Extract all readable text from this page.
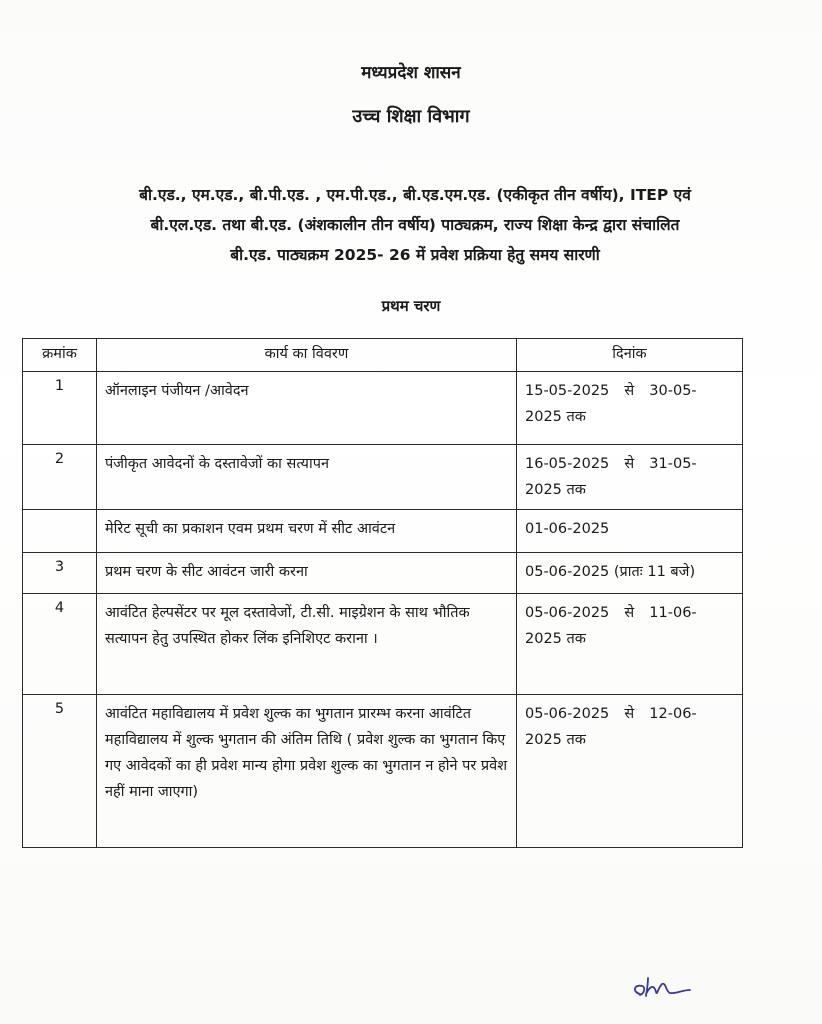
मध्यप्रदेश शासन
उच्च शिक्षा विभाग
बी.एड., एम.एड., बी.पी.एड. , एम.पी.एड., बी.एड.एम.एड. (एकीकृत तीन वर्षीय), ITEP एवं
बी.एल.एड. तथा बी.एड. (अंशकालीन तीन वर्षीय) पाठ्यक्रम, राज्य शिक्षा केन्द्र द्वारा संचालित
बी.एड. पाठ्यक्रम 2025- 26 में प्रवेश प्रक्रिया हेतु समय सारणी
प्रथम चरण
क्रमांक	कार्य का विवरण	दिनांक
1	ऑनलाइन पंजीयन /आवेदन	15-05-2025 से 30-05-
2025 तक
2	पंजीकृत आवेदनों के दस्तावेजों का सत्यापन	16-05-2025 से 31-05-
2025 तक
	मेरिट सूची का प्रकाशन एवम प्रथम चरण में सीट आवंटन	01-06-2025
3	प्रथम चरण के सीट आवंटन जारी करना	05-06-2025 (प्रातः 11 बजे)
4	आवंटित हेल्पसेंटर पर मूल दस्तावेजों, टी.सी. माइग्रेशन के साथ भौतिक सत्यापन हेतु उपस्थित होकर लिंक इनिशिएट कराना ।	05-06-2025 से 11-06-
2025 तक
5	आवंटित महाविद्यालय में प्रवेश शुल्क का भुगतान प्रारम्भ करना आवंटित महाविद्यालय में शुल्क भुगतान की अंतिम तिथि ( प्रवेश शुल्क का भुगतान किए गए आवेदकों का ही प्रवेश मान्य होगा प्रवेश शुल्क का भुगतान न होने पर प्रवेश नहीं माना जाएगा)	05-06-2025 से 12-06-
2025 तक
